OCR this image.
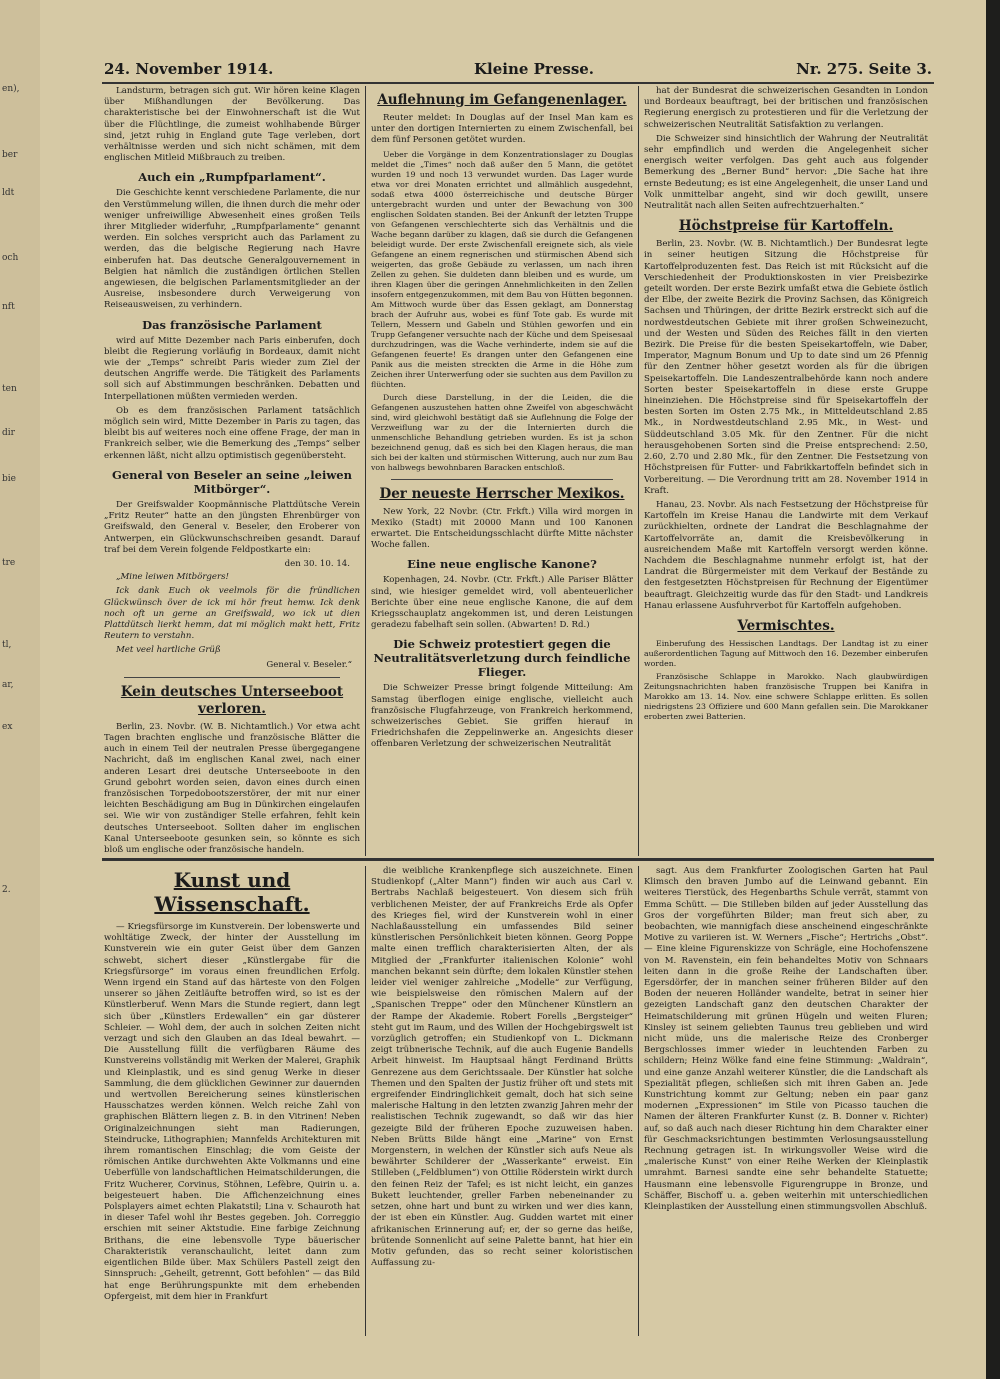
en),
ber
ldt
och
nft
ten
dir
bie
tre
tl,
ar,
ex
2.
24. November 1914.	Kleine Presse.	Nr. 275. Seite 3.

Landsturm, betragen sich gut. Wir hören keine Klagen über Mißhandlungen der Bevölkerung. Das charakteristische bei der Einwohnerschaft ist die Wut über die Flüchtlinge, die zumeist wohlhabende Bürger sind, jetzt ruhig in England gute Tage verleben, dort verhältnisse werden und sich nicht schämen, mit dem englischen Mitleid Mißbrauch zu treiben.

Auch ein „Rumpfparlament“.

Die Geschichte kennt verschiedene Parlamente, die nur den Verstümmelung willen, die ihnen durch die mehr oder weniger unfreiwillige Abwesenheit eines großen Teils ihrer Mitglieder widerfuhr, „Rumpfparlamente“ genannt werden. Ein solches verspricht auch das Parlament zu werden, das die belgische Regierung nach Havre einberufen hat. Das deutsche Generalgouvernement in Belgien hat nämlich die zuständigen örtlichen Stellen angewiesen, die belgischen Parlamentsmitglieder an der Ausreise, insbesondere durch Verweigerung von Reiseausweisen, zu verhindern.

Das französische Parlament

wird auf Mitte Dezember nach Paris einberufen, doch bleibt die Regierung vorläufig in Bordeaux, damit nicht wie der „Temps“ schreibt Paris wieder zum Ziel der deutschen Angriffe werde. Die Tätigkeit des Parlaments soll sich auf Abstimmungen beschränken. Debatten und Interpellationen müßten vermieden werden.

Ob es dem französischen Parlament tatsächlich möglich sein wird, Mitte Dezember in Paris zu tagen, das bleibt bis auf weiteres noch eine offene Frage, der man in Frankreich selber, wie die Bemerkung des „Temps“ selber erkennen läßt, nicht allzu optimistisch gegenübersteht.

General von Beseler an seine „leiwen Mitbörger“.

Der Greifswalder Koopmännische Plattdütsche Verein „Fritz Reuter“ hatte an den jüngsten Ehrenbürger von Greifswald, den General v. Beseler, den Eroberer von Antwerpen, ein Glückwunschschreiben gesandt. Darauf traf bei dem Verein folgende Feldpostkarte ein:

den 30. 10. 14.

„Mine leiwen Mitbörgers!

Ick dank Euch ok veelmols för die fründlichen Glückwünsch över de ick mi hör freut hemw. Ick denk noch oft un gerne an Greifswald, wo ick ut dien Plattdütsch lierkt hemm, dat mi möglich makt hett, Fritz Reutern to verstahn.

Met veel hartliche Grüß

General v. Beseler.“
Kein deutsches Unterseeboot verloren.

Berlin, 23. Novbr. (W. B. Nichtamtlich.) Vor etwa acht Tagen brachten englische und französische Blätter die auch in einem Teil der neutralen Presse übergegangene Nachricht, daß im englischen Kanal zwei, nach einer anderen Lesart drei deutsche Unterseeboote in den Grund gebohrt worden seien, davon eines durch einen französischen Torpedobootszerstörer, der mit nur einer leichten Beschädigung am Bug in Dünkirchen eingelaufen sei. Wie wir von zuständiger Stelle erfahren, fehlt kein deutsches Unterseeboot. Sollten daher im englischen Kanal Unterseeboote gesunken sein, so könnte es sich bloß um englische oder französische handeln.

Auflehnung im Gefangenenlager.

Reuter meldet: In Douglas auf der Insel Man kam es unter den dortigen Internierten zu einem Zwischenfall, bei dem fünf Personen getötet wurden.

Ueber die Vorgänge in dem Konzentrationslager zu Douglas meldet die „Times“ noch daß außer den 5 Mann, die getötet wurden 19 und noch 13 verwundet wurden. Das Lager wurde etwa vor drei Monaten errichtet und allmählich ausgedehnt, sodaß etwa 4000 österreichische und deutsche Bürger untergebracht wurden und unter der Bewachung von 300 englischen Soldaten standen. Bei der Ankunft der letzten Truppe von Gefangenen verschlechterte sich das Verhältnis und die Wache begann darüber zu klagen, daß sie durch die Gefangenen beleidigt wurde. Der erste Zwischenfall ereignete sich, als viele Gefangene an einem regnerischen und stürmischen Abend sich weigerten, das große Gebäude zu verlassen, um nach ihren Zellen zu gehen. Sie duldeten dann bleiben und es wurde, um ihren Klagen über die geringen Annehmlichkeiten in den Zellen insofern entgegenzukommen, mit dem Bau von Hütten begonnen. Am Mittwoch wurde über das Essen geklagt, am Donnerstag brach der Aufruhr aus, wobei es fünf Tote gab. Es wurde mit Tellern, Messern und Gabeln und Stühlen geworfen und ein Trupp Gefangener versuchte nach der Küche und dem Speisesaal durchzudringen, was die Wache verhinderte, indem sie auf die Gefangenen feuerte! Es drangen unter den Gefangenen eine Panik aus die meisten streckten die Arme in die Höhe zum Zeichen ihrer Unterwerfung oder sie suchten aus dem Pavillon zu flüchten.

Durch diese Darstellung, in der die Leiden, die die Gefangenen auszustehen hatten ohne Zweifel von abgeschwächt sind, wird gleichwohl bestätigt daß sie Auflehnung die Folge der Verzweiflung war zu der die Internierten durch die unmenschliche Behandlung getrieben wurden. Es ist ja schon bezeichnend genug, daß es sich bei den Klagen heraus, die man sich bei der kalten und stürmischen Witterung, auch nur zum Bau von halbwegs bewohnbaren Baracken entschloß.

Der neueste Herrscher Mexikos.

New York, 22 Novbr. (Ctr. Frkft.) Villa wird morgen in Mexiko (Stadt) mit 20000 Mann und 100 Kanonen erwartet. Die Entscheidungsschlacht dürfte Mitte nächster Woche fallen.

Eine neue englische Kanone?

Kopenhagen, 24. Novbr. (Ctr. Frkft.) Alle Pariser Blätter sind, wie hiesiger gemeldet wird, voll abenteuerlicher Berichte über eine neue englische Kanone, die auf dem Kriegsschauplatz angekommen ist, und deren Leistungen geradezu fabelhaft sein sollen. (Abwarten! D. Rd.)

Die Schweiz protestiert gegen die Neutralitätsverletzung durch feindliche Flieger.

Die Schweizer Presse bringt folgende Mitteilung: Am Samstag überflogen einige englische, vielleicht auch französische Flugfahrzeuge, von Frankreich herkommend, schweizerisches Gebiet. Sie griffen hierauf in Friedrichshafen die Zeppelinwerke an. Angesichts dieser offenbaren Verletzung der schweizerischen Neutralität

hat der Bundesrat die schweizerischen Gesandten in London und Bordeaux beauftragt, bei der britischen und französischen Regierung energisch zu protestieren und für die Verletzung der schweizerischen Neutralität Satisfaktion zu verlangen.

Die Schweizer sind hinsichtlich der Wahrung der Neutralität sehr empfindlich und werden die Angelegenheit sicher energisch weiter verfolgen. Das geht auch aus folgender Bemerkung des „Berner Bund“ hervor: „Die Sache hat ihre ernste Bedeutung; es ist eine Angelegenheit, die unser Land und Volk unmittelbar angeht, sind wir doch gewillt, unsere Neutralität nach allen Seiten aufrechtzuerhalten.“

Höchstpreise für Kartoffeln.

Berlin, 23. Novbr. (W. B. Nichtamtlich.) Der Bundesrat legte in seiner heutigen Sitzung die Höchstpreise für Kartoffelproduzenten fest. Das Reich ist mit Rücksicht auf die Verschiedenheit der Produktionskosten in vier Preisbezirke geteilt worden. Der erste Bezirk umfaßt etwa die Gebiete östlich der Elbe, der zweite Bezirk die Provinz Sachsen, das Königreich Sachsen und Thüringen, der dritte Bezirk erstreckt sich auf die nordwestdeutschen Gebiete mit ihrer großen Schweinezucht, und der Westen und Süden des Reiches fällt in den vierten Bezirk. Die Preise für die besten Speisekartoffeln, wie Daber, Imperator, Magnum Bonum und Up to date sind um 26 Pfennig für den Zentner höher gesetzt worden als für die übrigen Speisekartoffeln. Die Landeszentralbehörde kann noch andere Sorten bester Speisekartoffeln in diese erste Gruppe hineinziehen. Die Höchstpreise sind für Speisekartoffeln der besten Sorten im Osten 2.75 Mk., in Mitteldeutschland 2.85 Mk., in Nordwestdeutschland 2.95 Mk., in West- und Süddeutschland 3.05 Mk. für den Zentner. Für die nicht herausgehobenen Sorten sind die Preise entsprechend: 2.50, 2.60, 2.70 und 2.80 Mk., für den Zentner. Die Festsetzung von Höchstpreisen für Futter- und Fabrikkartoffeln befindet sich in Vorbereitung. — Die Verordnung tritt am 28. November 1914 in Kraft.

Hanau, 23. Novbr. Als nach Festsetzung der Höchstpreise für Kartoffeln im Kreise Hanau die Landwirte mit dem Verkauf zurückhielten, ordnete der Landrat die Beschlagnahme der Kartoffelvorräte an, damit die Kreisbevölkerung in ausreichendem Maße mit Kartoffeln versorgt werden könne. Nachdem die Beschlagnahme nunmehr erfolgt ist, hat der Landrat die Bürgermeister mit dem Verkauf der Bestände zu den festgesetzten Höchstpreisen für Rechnung der Eigentümer beauftragt. Gleichzeitig wurde das für den Stadt- und Landkreis Hanau erlassene Ausfuhrverbot für Kartoffeln aufgehoben.

Vermischtes.

Einberufung des Hessischen Landtags. Der Landtag ist zu einer außerordentlichen Tagung auf Mittwoch den 16. Dezember einberufen worden.

Französische Schlappe in Marokko. Nach glaubwürdigen Zeitungsnachrichten haben französische Truppen bei Kanifra in Marokko am 13. 14. Nov. eine schwere Schlappe erlitten. Es sollen niedrigstens 23 Offiziere und 600 Mann gefallen sein. Die Marokkaner eroberten zwei Batterien.

Kunst und Wissenschaft.

— Kriegsfürsorge im Kunstverein. Der lobenswerte und wohltätige Zweck, der hinter der Ausstellung im Kunstverein wie ein guter Geist über dem Ganzen schwebt, sichert dieser „Künstlergabe für die Kriegsfürsorge“ im voraus einen freundlichen Erfolg. Wenn irgend ein Stand auf das härteste von den Folgen unserer so jähen Zeitläufte betroffen wird, so ist es der Künstlerberuf. Wenn Mars die Stunde regiert, dann legt sich über „Künstlers Erdewallen“ ein gar düsterer Schleier. — Wohl dem, der auch in solchen Zeiten nicht verzagt und sich den Glauben an das Ideal bewahrt. — Die Ausstellung füllt die verfügbaren Räume des Kunstvereins vollständig mit Werken der Malerei, Graphik und Kleinplastik, und es sind genug Werke in dieser Sammlung, die dem glücklichen Gewinner zur dauernden und wertvollen Bereicherung seines künstlerischen Hausschatzes werden können. Welch reiche Zahl von graphischen Blättern liegen z. B. in den Vitrinen! Neben Originalzeichnungen sieht man Radierungen, Steindrucke, Lithographien; Mannfelds Architekturen mit ihrem romantischen Einschlag; die vom Geiste der römischen Antike durchwehten Akte Volkmanns und eine Ueberfülle von landschaftlichen Heimatschilderungen, die Fritz Wucherer, Corvinus, Stöhnen, Lefèbre, Quirin u. a. beigesteuert haben. Die Affichenzeichnung eines Polsplayers aimet echten Plakatstil; Lina v. Schauroth hat in dieser Tafel wohl ihr Bestes gegeben. Joh. Correggio erschien mit seiner Aktstudie. Eine farbige Zeichnung Brithans, die eine lebensvolle Type bäuerischer Charakteristik veranschaulicht, leitet dann zum eigentlichen Bilde über. Max Schülers Pastell zeigt den Sinnspruch: „Geheilt, getrennt, Gott befohlen“ — das Bild hat enge Berührungspunkte mit dem erhebenden Opfergeist, mit dem hier in Frankfurt

die weibliche Krankenpflege sich auszeichnete. Einen Studienkopf („Alter Mann“) finden wir auch aus Carl v. Bertrabs Nachlaß beigesteuert. Von diesem sich früh verblichenen Meister, der auf Frankreichs Erde als Opfer des Krieges fiel, wird der Kunstverein wohl in einer Nachlaßausstellung ein umfassendes Bild seiner künstlerischen Persönlichkeit bieten können. Georg Poppe malte einen trefflich charakterisierten Alten, der als Mitglied der „Frankfurter italienischen Kolonie“ wohl manchen bekannt sein dürfte; dem lokalen Künstler stehen leider viel weniger zahlreiche „Modelle“ zur Verfügung, wie beispielsweise den römischen Malern auf der „Spanischen Treppe“ oder den Münchener Künstlern an der Rampe der Akademie. Robert Forells „Bergsteiger“ steht gut im Raum, und des Willen der Hochgebirgswelt ist vorzüglich getroffen; ein Studienkopf von L. Dickmann zeigt trübnerische Technik, auf die auch Eugenie Bandells Arbeit hinweist. Im Hauptsaal hängt Ferdinand Brütts Genrezene aus dem Gerichtssaale. Der Künstler hat solche Themen und den Spalten der Justiz früher oft und stets mit ergreifender Eindringlichkeit gemalt, doch hat sich seine malerische Haltung in den letzten zwanzig Jahren mehr der realistischen Technik zugewandt, so daß wir das hier gezeigte Bild der früheren Epoche zuzuweisen haben. Neben Brütts Bilde hängt eine „Marine“ von Ernst Morgenstern, in welchen der Künstler sich aufs Neue als bewährter Schilderer der „Wasserkante“ erweist. Ein Stilleben („Feldblumen“) von Ottilie Röderstein wirkt durch den feinen Reiz der Tafel; es ist nicht leicht, ein ganzes Bukett leuchtender, greller Farben nebeneinander zu setzen, ohne hart und bunt zu wirken und wer dies kann, der ist eben ein Künstler. Aug. Gudden wartet mit einer afrikanischen Erinnerung auf; er, der so gerne das heiße, brütende Sonnenlicht auf seine Palette bannt, hat hier ein Motiv gefunden, das so recht seiner koloristischen Auffassung zu-

sagt. Aus dem Frankfurter Zoologischen Garten hat Paul Klimsch den braven Jumbo auf die Leinwand gebannt. Ein weiteres Tierstück, des Hegenbarths Schule verrät, stammt von Emma Schütt. — Die Stilleben bilden auf jeder Ausstellung das Gros der vorgeführten Bilder; man freut sich aber, zu beobachten, wie mannigfach diese anscheinend eingeschränkte Motive zu variieren ist. W. Werners „Fische“; Hertrichs „Obst“. — Eine kleine Figurenskizze von Schrägle, eine Hochofenszene von M. Ravenstein, ein fein behandeltes Motiv von Schnaars leiten dann in die große Reihe der Landschaften über. Egersdörfer, der in manchen seiner früheren Bilder auf den Boden der neueren Holländer wandelte, betrat in seiner hier gezeigten Landschaft ganz den deutschen Charakter der Heimatschilderung mit grünen Hügeln und weiten Fluren; Kinsley ist seinem geliebten Taunus treu geblieben und wird nicht müde, uns die malerische Reize des Cronberger Bergschlosses immer wieder in leuchtenden Farben zu schildern; Heinz Wölke fand eine feine Stimmung: „Waldrain“, und eine ganze Anzahl weiterer Künstler, die die Landschaft als Spezialität pflegen, schließen sich mit ihren Gaben an. Jede Kunstrichtung kommt zur Geltung; neben ein paar ganz modernen „Expressionen“ im Stile von Picasso tauchen die Namen der älteren Frankfurter Kunst (z. B. Donner v. Richter) auf, so daß auch nach dieser Richtung hin dem Charakter einer für Geschmacksrichtungen bestimmten Verlosungsausstellung Rechnung getragen ist. In wirkungsvoller Weise wird die „malerische Kunst“ von einer Reihe Werken der Kleinplastik umrahmt. Barnesi sandte eine sehr behandelte Statuette; Hausmann eine lebensvolle Figurengruppe in Bronze, und Schäffer, Bischoff u. a. geben weiterhin mit unterschiedlichen Kleinplastiken der Ausstellung einen stimmungsvollen Abschluß.
